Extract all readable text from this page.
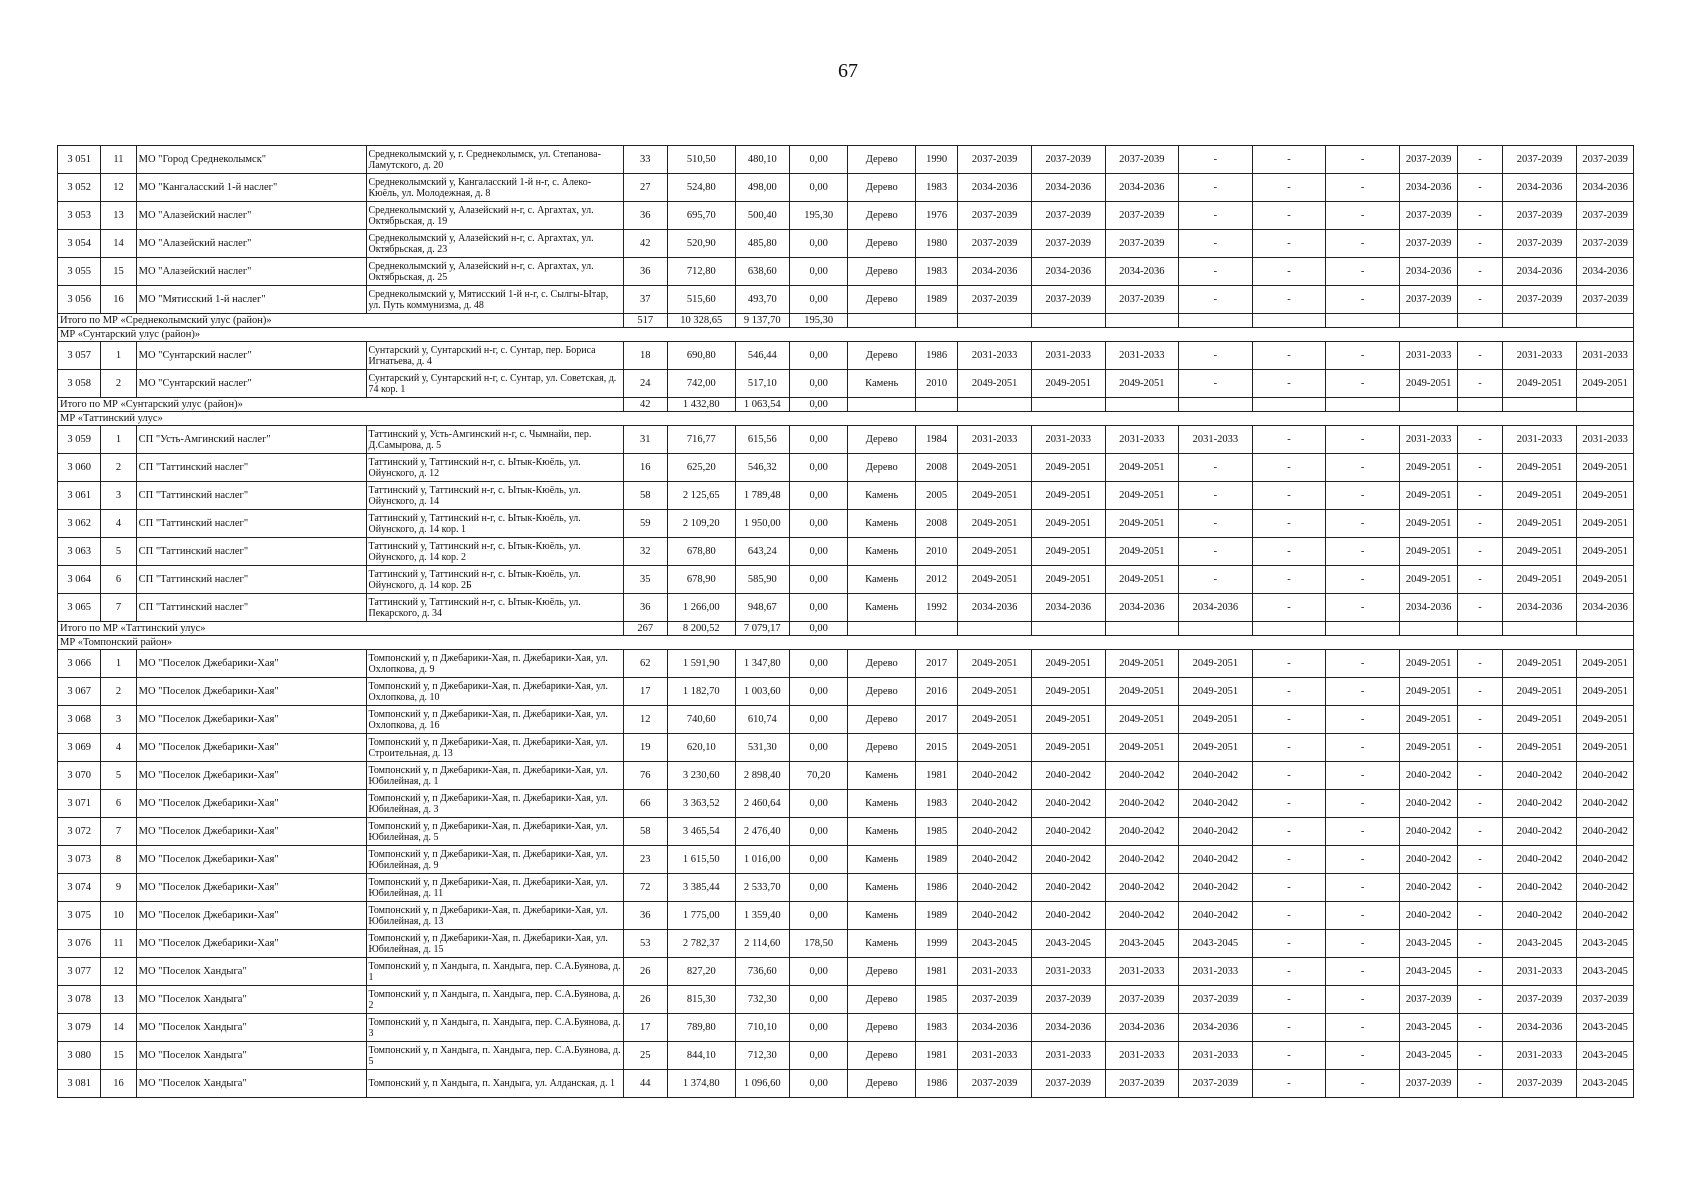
67
3 051	11	МО "Город Среднеколымск"	Среднеколымский у, г. Среднеколымск, ул. Степанова-Ламутского, д. 20	33	510,50	480,10	0,00	Дерево	1990	2037-2039	2037-2039	2037-2039	-	-	-	2037-2039	-	2037-2039	2037-2039
3 052	12	МО "Кангаласский 1-й наслег"	Среднеколымский у, Кангаласский 1-й н-г, с. Алеко-Кюёль, ул. Молодежная, д. 8	27	524,80	498,00	0,00	Дерево	1983	2034-2036	2034-2036	2034-2036	-	-	-	2034-2036	-	2034-2036	2034-2036
3 053	13	МО "Алазейский наслег"	Среднеколымский у, Алазейский н-г, с. Аргахтах, ул. Октябрьская, д. 19	36	695,70	500,40	195,30	Дерево	1976	2037-2039	2037-2039	2037-2039	-	-	-	2037-2039	-	2037-2039	2037-2039
3 054	14	МО "Алазейский наслег"	Среднеколымский у, Алазейский н-г, с. Аргахтах, ул. Октябрьская, д. 23	42	520,90	485,80	0,00	Дерево	1980	2037-2039	2037-2039	2037-2039	-	-	-	2037-2039	-	2037-2039	2037-2039
3 055	15	МО "Алазейский наслег"	Среднеколымский у, Алазейский н-г, с. Аргахтах, ул. Октябрьская, д. 25	36	712,80	638,60	0,00	Дерево	1983	2034-2036	2034-2036	2034-2036	-	-	-	2034-2036	-	2034-2036	2034-2036
3 056	16	МО "Мятисский 1-й наслег"	Среднеколымский у, Мятисский 1-й н-г, с. Сылгы-Ытар, ул. Путь коммунизма, д. 48	37	515,60	493,70	0,00	Дерево	1989	2037-2039	2037-2039	2037-2039	-	-	-	2037-2039	-	2037-2039	2037-2039
Итого по МР «Среднеколымский улус (район)»				517	10 328,65	9 137,70	195,30												
МР «Сунтарский улус (район)»																			
3 057	1	МО "Сунтарский наслег"	Сунтарский у, Сунтарский н-г, с. Сунтар, пер. Бориса Игнатьева, д. 4	18	690,80	546,44	0,00	Дерево	1986	2031-2033	2031-2033	2031-2033	-	-	-	2031-2033	-	2031-2033	2031-2033
3 058	2	МО "Сунтарский наслег"	Сунтарский у, Сунтарский н-г, с. Сунтар, ул. Советская, д. 74 кор. 1	24	742,00	517,10	0,00	Камень	2010	2049-2051	2049-2051	2049-2051	-	-	-	2049-2051	-	2049-2051	2049-2051
Итого по МР «Сунтарский улус (район)»				42	1 432,80	1 063,54	0,00												
МР «Таттинский улус»																			
3 059	1	СП "Усть-Амгинский наслег"	Таттинский у, Усть-Амгинский н-г, с. Чымнайи, пер. Д.Самырова, д. 5	31	716,77	615,56	0,00	Дерево	1984	2031-2033	2031-2033	2031-2033	2031-2033	-	-	2031-2033	-	2031-2033	2031-2033
3 060	2	СП "Таттинский наслег"	Таттинский у, Таттинский н-г, с. Ытык-Кюёль, ул. Ойунского, д. 12	16	625,20	546,32	0,00	Дерево	2008	2049-2051	2049-2051	2049-2051	-	-	-	2049-2051	-	2049-2051	2049-2051
3 061	3	СП "Таттинский наслег"	Таттинский у, Таттинский н-г, с. Ытык-Кюёль, ул. Ойунского, д. 14	58	2 125,65	1 789,48	0,00	Камень	2005	2049-2051	2049-2051	2049-2051	-	-	-	2049-2051	-	2049-2051	2049-2051
3 062	4	СП "Таттинский наслег"	Таттинский у, Таттинский н-г, с. Ытык-Кюёль, ул. Ойунского, д. 14 кор. 1	59	2 109,20	1 950,00	0,00	Камень	2008	2049-2051	2049-2051	2049-2051	-	-	-	2049-2051	-	2049-2051	2049-2051
3 063	5	СП "Таттинский наслег"	Таттинский у, Таттинский н-г, с. Ытык-Кюёль, ул. Ойунского, д. 14 кор. 2	32	678,80	643,24	0,00	Камень	2010	2049-2051	2049-2051	2049-2051	-	-	-	2049-2051	-	2049-2051	2049-2051
3 064	6	СП "Таттинский наслег"	Таттинский у, Таттинский н-г, с. Ытык-Кюёль, ул. Ойунского, д. 14 кор. 2Б	35	678,90	585,90	0,00	Камень	2012	2049-2051	2049-2051	2049-2051	-	-	-	2049-2051	-	2049-2051	2049-2051
3 065	7	СП "Таттинский наслег"	Таттинский у, Таттинский н-г, с. Ытык-Кюёль, ул. Пекарского, д. 34	36	1 266,00	948,67	0,00	Камень	1992	2034-2036	2034-2036	2034-2036	2034-2036	-	-	2034-2036	-	2034-2036	2034-2036
Итого по МР «Таттинский улус»				267	8 200,52	7 079,17	0,00												
МР «Томпонский район»																			
3 066	1	МО "Поселок Джебарики-Хая"	Томпонский у, п Джебарики-Хая, п. Джебарики-Хая, ул. Охлопкова, д. 9	62	1 591,90	1 347,80	0,00	Дерево	2017	2049-2051	2049-2051	2049-2051	2049-2051	-	-	2049-2051	-	2049-2051	2049-2051
3 067	2	МО "Поселок Джебарики-Хая"	Томпонский у, п Джебарики-Хая, п. Джебарики-Хая, ул. Охлопкова, д. 10	17	1 182,70	1 003,60	0,00	Дерево	2016	2049-2051	2049-2051	2049-2051	2049-2051	-	-	2049-2051	-	2049-2051	2049-2051
3 068	3	МО "Поселок Джебарики-Хая"	Томпонский у, п Джебарики-Хая, п. Джебарики-Хая, ул. Охлопкова, д. 16	12	740,60	610,74	0,00	Дерево	2017	2049-2051	2049-2051	2049-2051	2049-2051	-	-	2049-2051	-	2049-2051	2049-2051
3 069	4	МО "Поселок Джебарики-Хая"	Томпонский у, п Джебарики-Хая, п. Джебарики-Хая, ул. Строительная, д. 13	19	620,10	531,30	0,00	Дерево	2015	2049-2051	2049-2051	2049-2051	2049-2051	-	-	2049-2051	-	2049-2051	2049-2051
3 070	5	МО "Поселок Джебарики-Хая"	Томпонский у, п Джебарики-Хая, п. Джебарики-Хая, ул. Юбилейная, д. 1	76	3 230,60	2 898,40	70,20	Камень	1981	2040-2042	2040-2042	2040-2042	2040-2042	-	-	2040-2042	-	2040-2042	2040-2042
3 071	6	МО "Поселок Джебарики-Хая"	Томпонский у, п Джебарики-Хая, п. Джебарики-Хая, ул. Юбилейная, д. 3	66	3 363,52	2 460,64	0,00	Камень	1983	2040-2042	2040-2042	2040-2042	2040-2042	-	-	2040-2042	-	2040-2042	2040-2042
3 072	7	МО "Поселок Джебарики-Хая"	Томпонский у, п Джебарики-Хая, п. Джебарики-Хая, ул. Юбилейная, д. 5	58	3 465,54	2 476,40	0,00	Камень	1985	2040-2042	2040-2042	2040-2042	2040-2042	-	-	2040-2042	-	2040-2042	2040-2042
3 073	8	МО "Поселок Джебарики-Хая"	Томпонский у, п Джебарики-Хая, п. Джебарики-Хая, ул. Юбилейная, д. 9	23	1 615,50	1 016,00	0,00	Камень	1989	2040-2042	2040-2042	2040-2042	2040-2042	-	-	2040-2042	-	2040-2042	2040-2042
3 074	9	МО "Поселок Джебарики-Хая"	Томпонский у, п Джебарики-Хая, п. Джебарики-Хая, ул. Юбилейная, д. 11	72	3 385,44	2 533,70	0,00	Камень	1986	2040-2042	2040-2042	2040-2042	2040-2042	-	-	2040-2042	-	2040-2042	2040-2042
3 075	10	МО "Поселок Джебарики-Хая"	Томпонский у, п Джебарики-Хая, п. Джебарики-Хая, ул. Юбилейная, д. 13	36	1 775,00	1 359,40	0,00	Камень	1989	2040-2042	2040-2042	2040-2042	2040-2042	-	-	2040-2042	-	2040-2042	2040-2042
3 076	11	МО "Поселок Джебарики-Хая"	Томпонский у, п Джебарики-Хая, п. Джебарики-Хая, ул. Юбилейная, д. 15	53	2 782,37	2 114,60	178,50	Камень	1999	2043-2045	2043-2045	2043-2045	2043-2045	-	-	2043-2045	-	2043-2045	2043-2045
3 077	12	МО "Поселок Хандыга"	Томпонский у, п Хандыга, п. Хандыга, пер. С.А.Буянова, д. 1	26	827,20	736,60	0,00	Дерево	1981	2031-2033	2031-2033	2031-2033	2031-2033	-	-	2043-2045	-	2031-2033	2043-2045
3 078	13	МО "Поселок Хандыга"	Томпонский у, п Хандыга, п. Хандыга, пер. С.А.Буянова, д. 2	26	815,30	732,30	0,00	Дерево	1985	2037-2039	2037-2039	2037-2039	2037-2039	-	-	2037-2039	-	2037-2039	2037-2039
3 079	14	МО "Поселок Хандыга"	Томпонский у, п Хандыга, п. Хандыга, пер. С.А.Буянова, д. 3	17	789,80	710,10	0,00	Дерево	1983	2034-2036	2034-2036	2034-2036	2034-2036	-	-	2043-2045	-	2034-2036	2043-2045
3 080	15	МО "Поселок Хандыга"	Томпонский у, п Хандыга, п. Хандыга, пер. С.А.Буянова, д. 5	25	844,10	712,30	0,00	Дерево	1981	2031-2033	2031-2033	2031-2033	2031-2033	-	-	2043-2045	-	2031-2033	2043-2045
3 081	16	МО "Поселок Хандыга"	Томпонский у, п Хандыга, п. Хандыга, ул. Алданская, д. 1	44	1 374,80	1 096,60	0,00	Дерево	1986	2037-2039	2037-2039	2037-2039	2037-2039	-	-	2037-2039	-	2037-2039	2043-2045
